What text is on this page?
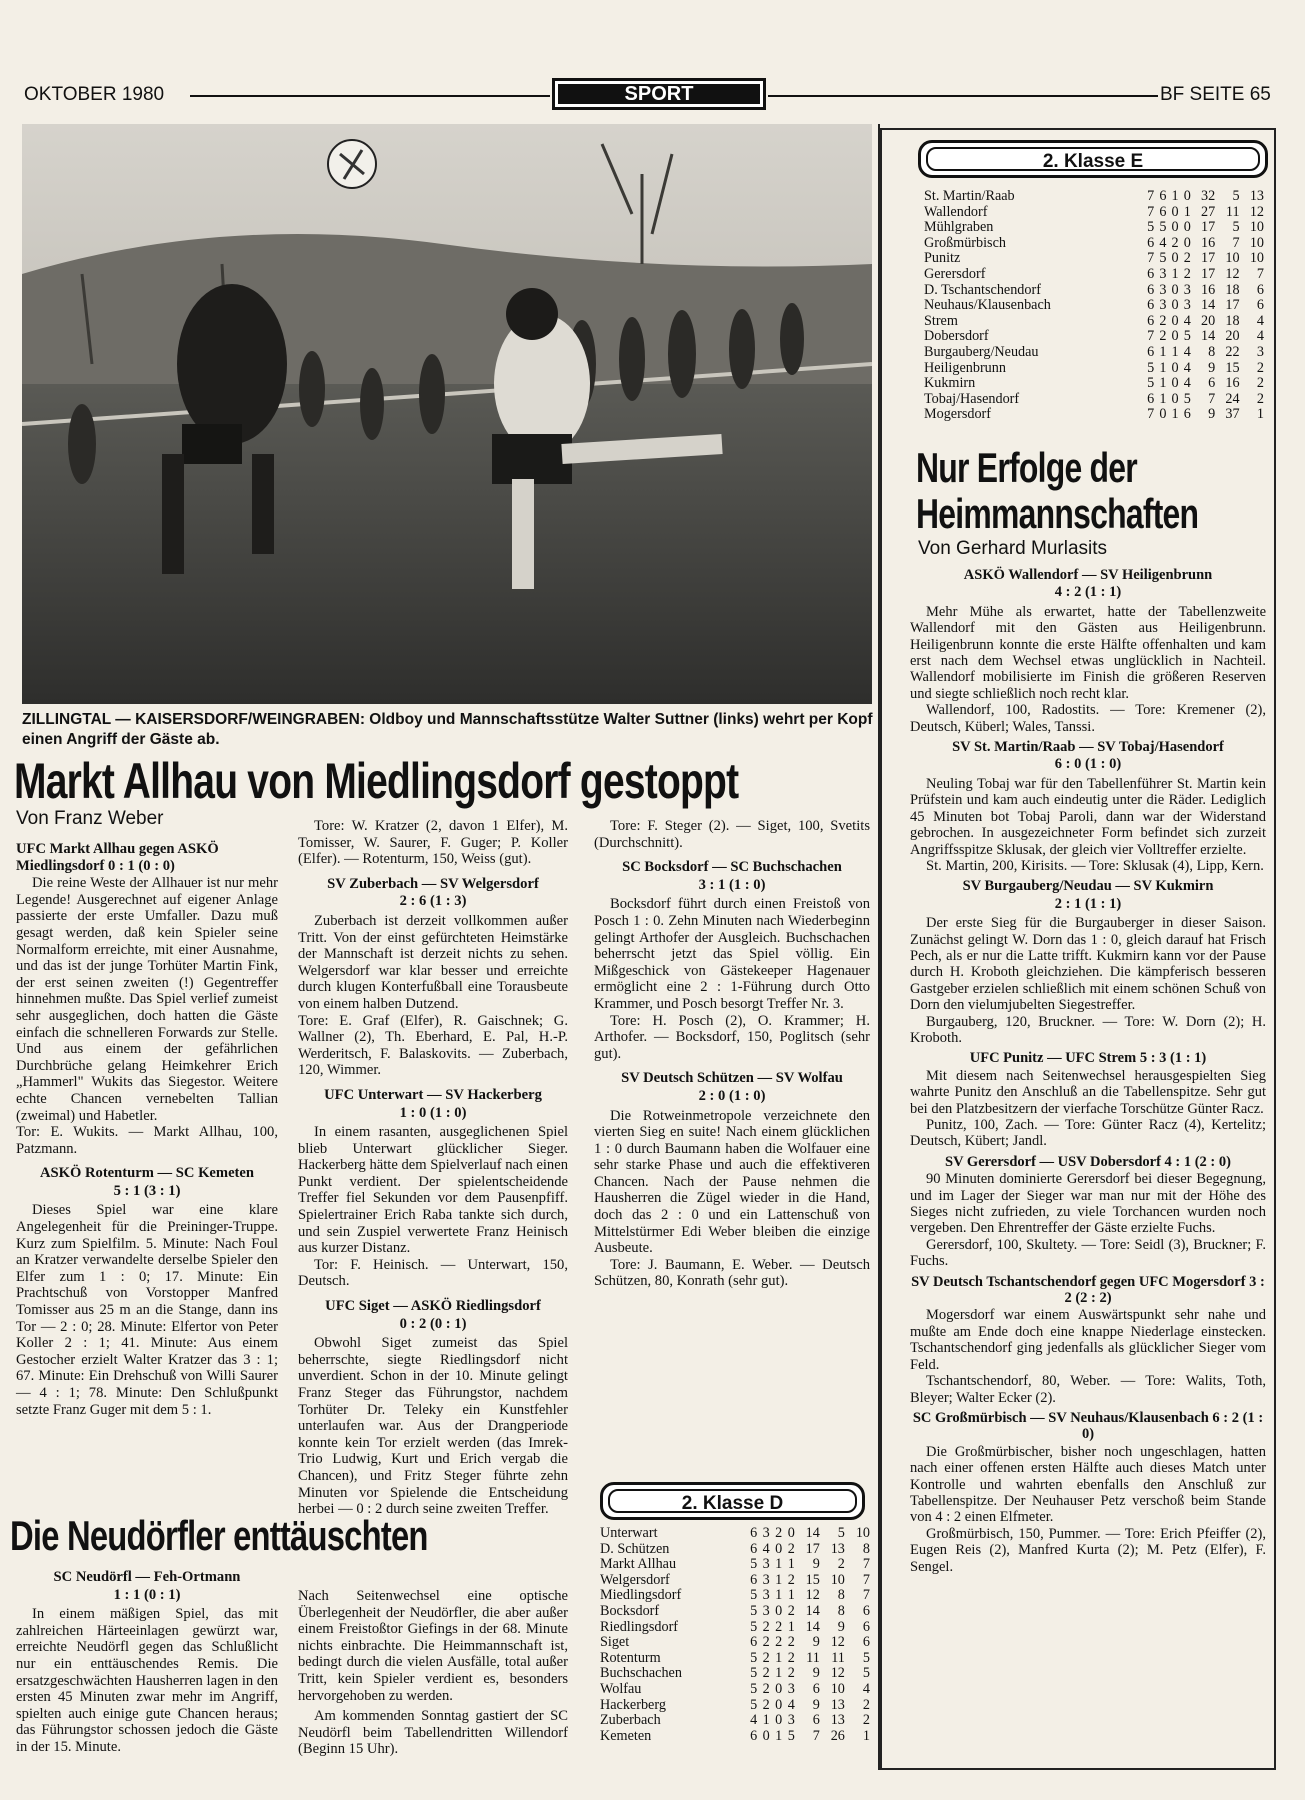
OKTOBER 1980	SPORT	BF SEITE 65
ZILLINGTAL — KAISERSDORF/WEINGRABEN: Oldboy und Mannschaftsstütze Walter Suttner (links) wehrt per Kopf einen Angriff der Gäste ab.
Markt Allhau von Miedlingsdorf gestoppt
Von Franz Weber
UFC Markt Allhau gegen ASKÖ Miedlingsdorf 0 : 1 (0 : 0)

Die reine Weste der Allhauer ist nur mehr Legende! Ausgerechnet auf eigener Anlage passierte der erste Umfaller. Dazu muß gesagt werden, daß kein Spieler seine Normalform erreichte, mit einer Ausnahme, und das ist der junge Torhüter Martin Fink, der erst seinen zweiten (!) Gegentreffer hinnehmen mußte. Das Spiel verlief zumeist sehr ausgeglichen, doch hatten die Gäste einfach die schnelleren Forwards zur Stelle. Und aus einem der gefährlichen Durchbrüche gelang Heimkehrer Erich „Hammerl" Wukits das Siegestor. Weitere echte Chancen vernebelten Tallian (zweimal) und Habetler.

Tor: E. Wukits. — Markt Allhau, 100, Patzmann.

ASKÖ Rotenturm — SC Kemeten
5 : 1 (3 : 1)

Dieses Spiel war eine klare Angelegenheit für die Preininger-Truppe. Kurz zum Spielfilm. 5. Minute: Nach Foul an Kratzer verwandelte derselbe Spieler den Elfer zum 1 : 0; 17. Minute: Ein Prachtschuß von Vorstopper Manfred Tomisser aus 25 m an die Stange, dann ins Tor — 2 : 0; 28. Minute: Elfertor von Peter Koller 2 : 1; 41. Minute: Aus einem Gestocher erzielt Walter Kratzer das 3 : 1; 67. Minute: Ein Drehschuß von Willi Saurer — 4 : 1; 78. Minute: Den Schlußpunkt setzte Franz Guger mit dem 5 : 1.

Tore: W. Kratzer (2, davon 1 Elfer), M. Tomisser, W. Saurer, F. Guger; P. Koller (Elfer). — Rotenturm, 150, Weiss (gut).

SV Zuberbach — SV Welgersdorf
2 : 6 (1 : 3)

Zuberbach ist derzeit vollkommen außer Tritt. Von der einst gefürchteten Heimstärke der Mannschaft ist derzeit nichts zu sehen. Welgersdorf war klar besser und erreichte durch klugen Konterfußball eine Torausbeute von einem halben Dutzend.

Tore: E. Graf (Elfer), R. Gaischnek; G. Wallner (2), Th. Eberhard, E. Pal, H.-P. Werderitsch, F. Balaskovits. — Zuberbach, 120, Wimmer.

UFC Unterwart — SV Hackerberg
1 : 0 (1 : 0)

In einem rasanten, ausgeglichenen Spiel blieb Unterwart glücklicher Sieger. Hackerberg hätte dem Spielverlauf nach einen Punkt verdient. Der spielentscheidende Treffer fiel Sekunden vor dem Pausenpfiff. Spielertrainer Erich Raba tankte sich durch, und sein Zuspiel verwertete Franz Heinisch aus kurzer Distanz.

Tor: F. Heinisch. — Unterwart, 150, Deutsch.

UFC Siget — ASKÖ Riedlingsdorf
0 : 2 (0 : 1)

Obwohl Siget zumeist das Spiel beherrschte, siegte Riedlingsdorf nicht unverdient. Schon in der 10. Minute gelingt Franz Steger das Führungstor, nachdem Torhüter Dr. Teleky ein Kunstfehler unterlaufen war. Aus der Drangperiode konnte kein Tor erzielt werden (das Imrek-Trio Ludwig, Kurt und Erich vergab die Chancen), und Fritz Steger führte zehn Minuten vor Spielende die Entscheidung herbei — 0 : 2 durch seine zweiten Treffer.

Tore: F. Steger (2). — Siget, 100, Svetits (Durchschnitt).

SC Bocksdorf — SC Buchschachen
3 : 1 (1 : 0)

Bocksdorf führt durch einen Freistoß von Posch 1 : 0. Zehn Minuten nach Wiederbeginn gelingt Arthofer der Ausgleich. Buchschachen beherrscht jetzt das Spiel völlig. Ein Mißgeschick von Gästekeeper Hagenauer ermöglicht eine 2 : 1-Führung durch Otto Krammer, und Posch besorgt Treffer Nr. 3.

Tore: H. Posch (2), O. Krammer; H. Arthofer. — Bocksdorf, 150, Poglitsch (sehr gut).

SV Deutsch Schützen — SV Wolfau
2 : 0 (1 : 0)

Die Rotweinmetropole verzeichnete den vierten Sieg en suite! Nach einem glücklichen 1 : 0 durch Baumann haben die Wolfauer eine sehr starke Phase und auch die effektiveren Chancen. Nach der Pause nehmen die Hausherren die Zügel wieder in die Hand, doch das 2 : 0 und ein Lattenschuß von Mittelstürmer Edi Weber bleiben die einzige Ausbeute.

Tore: J. Baumann, E. Weber. — Deutsch Schützen, 80, Konrath (sehr gut).

2. Klasse D
Unterwart	6	3	2	0	14	5	10
D. Schützen	6	4	0	2	17	13	8
Markt Allhau	5	3	1	1	9	2	7
Welgersdorf	6	3	1	2	15	10	7
Miedlingsdorf	5	3	1	1	12	8	7
Bocksdorf	5	3	0	2	14	8	6
Riedlingsdorf	5	2	2	1	14	9	6
Siget	6	2	2	2	9	12	6
Rotenturm	5	2	1	2	11	11	5
Buchschachen	5	2	1	2	9	12	5
Wolfau	5	2	0	3	6	10	4
Hackerberg	5	2	0	4	9	13	2
Zuberbach	4	1	0	3	6	13	2
Kemeten	6	0	1	5	7	26	1
Die Neudörfler enttäuschten
SC Neudörfl — Feh-Ortmann
1 : 1 (0 : 1)

In einem mäßigen Spiel, das mit zahlreichen Härteeinlagen gewürzt war, erreichte Neudörfl gegen das Schlußlicht nur ein enttäuschendes Remis. Die ersatzgeschwächten Hausherren lagen in den ersten 45 Minuten zwar mehr im Angriff, spielten auch einige gute Chancen heraus; das Führungstor schossen jedoch die Gäste in der 15. Minute.

Nach Seitenwechsel eine optische Überlegenheit der Neudörfler, die aber außer einem Freistoßtor Giefings in der 68. Minute nichts einbrachte. Die Heimmannschaft ist, bedingt durch die vielen Ausfälle, total außer Tritt, kein Spieler verdient es, besonders hervorgehoben zu werden.

Am kommenden Sonntag gastiert der SC Neudörfl beim Tabellendritten Willendorf (Beginn 15 Uhr).

2. Klasse E
St. Martin/Raab	7	6	1	0	32	5	13
Wallendorf	7	6	0	1	27	11	12
Mühlgraben	5	5	0	0	17	5	10
Großmürbisch	6	4	2	0	16	7	10
Punitz	7	5	0	2	17	10	10
Gerersdorf	6	3	1	2	17	12	7
D. Tschantschendorf	6	3	0	3	16	18	6
Neuhaus/Klausenbach	6	3	0	3	14	17	6
Strem	6	2	0	4	20	18	4
Dobersdorf	7	2	0	5	14	20	4
Burgauberg/Neudau	6	1	1	4	8	22	3
Heiligenbrunn	5	1	0	4	9	15	2
Kukmirn	5	1	0	4	6	16	2
Tobaj/Hasendorf	6	1	0	5	7	24	2
Mogersdorf	7	0	1	6	9	37	1
Nur Erfolge der
Heimmannschaften
Von Gerhard Murlasits
ASKÖ Wallendorf — SV Heiligenbrunn
4 : 2 (1 : 1)

Mehr Mühe als erwartet, hatte der Tabellenzweite Wallendorf mit den Gästen aus Heiligenbrunn. Heiligenbrunn konnte die erste Hälfte offenhalten und kam erst nach dem Wechsel etwas unglücklich in Nachteil. Wallendorf mobilisierte im Finish die größeren Reserven und siegte schließlich noch recht klar.

Wallendorf, 100, Radostits. — Tore: Kremener (2), Deutsch, Küberl; Wales, Tanssi.

SV St. Martin/Raab — SV Tobaj/Hasendorf
6 : 0 (1 : 0)

Neuling Tobaj war für den Tabellenführer St. Martin kein Prüfstein und kam auch eindeutig unter die Räder. Lediglich 45 Minuten bot Tobaj Paroli, dann war der Widerstand gebrochen. In ausgezeichneter Form befindet sich zurzeit Angriffsspitze Sklusak, der gleich vier Volltreffer erzielte.

St. Martin, 200, Kirisits. — Tore: Sklusak (4), Lipp, Kern.

SV Burgauberg/Neudau — SV Kukmirn
2 : 1 (1 : 1)

Der erste Sieg für die Burgauberger in dieser Saison. Zunächst gelingt W. Dorn das 1 : 0, gleich darauf hat Frisch Pech, als er nur die Latte trifft. Kukmirn kann vor der Pause durch H. Kroboth gleichziehen. Die kämpferisch besseren Gastgeber erzielen schließlich mit einem schönen Schuß von Dorn den vielumjubelten Siegestreffer.

Burgauberg, 120, Bruckner. — Tore: W. Dorn (2); H. Kroboth.

UFC Punitz — UFC Strem 5 : 3 (1 : 1)

Mit diesem nach Seitenwechsel herausgespielten Sieg wahrte Punitz den Anschluß an die Tabellenspitze. Sehr gut bei den Platzbesitzern der vierfache Torschütze Günter Racz.

Punitz, 100, Zach. — Tore: Günter Racz (4), Kertelitz; Deutsch, Kübert; Jandl.

SV Gerersdorf — USV Dobersdorf 4 : 1 (2 : 0)

90 Minuten dominierte Gerersdorf bei dieser Begegnung, und im Lager der Sieger war man nur mit der Höhe des Sieges nicht zufrieden, zu viele Torchancen wurden noch vergeben. Den Ehrentreffer der Gäste erzielte Fuchs.

Gerersdorf, 100, Skultety. — Tore: Seidl (3), Bruckner; F. Fuchs.

SV Deutsch Tschantschendorf gegen UFC Mogersdorf 3 : 2 (2 : 2)

Mogersdorf war einem Auswärtspunkt sehr nahe und mußte am Ende doch eine knappe Niederlage einstecken. Tschantschendorf ging jedenfalls als glücklicher Sieger vom Feld.

Tschantschendorf, 80, Weber. — Tore: Walits, Toth, Bleyer; Walter Ecker (2).

SC Großmürbisch — SV Neuhaus/Klausenbach 6 : 2 (1 : 0)

Die Großmürbischer, bisher noch ungeschlagen, hatten nach einer offenen ersten Hälfte auch dieses Match unter Kontrolle und wahrten ebenfalls den Anschluß zur Tabellenspitze. Der Neuhauser Petz verschoß beim Stande von 4 : 2 einen Elfmeter.

Großmürbisch, 150, Pummer. — Tore: Erich Pfeiffer (2), Eugen Reis (2), Manfred Kurta (2); M. Petz (Elfer), F. Sengel.
